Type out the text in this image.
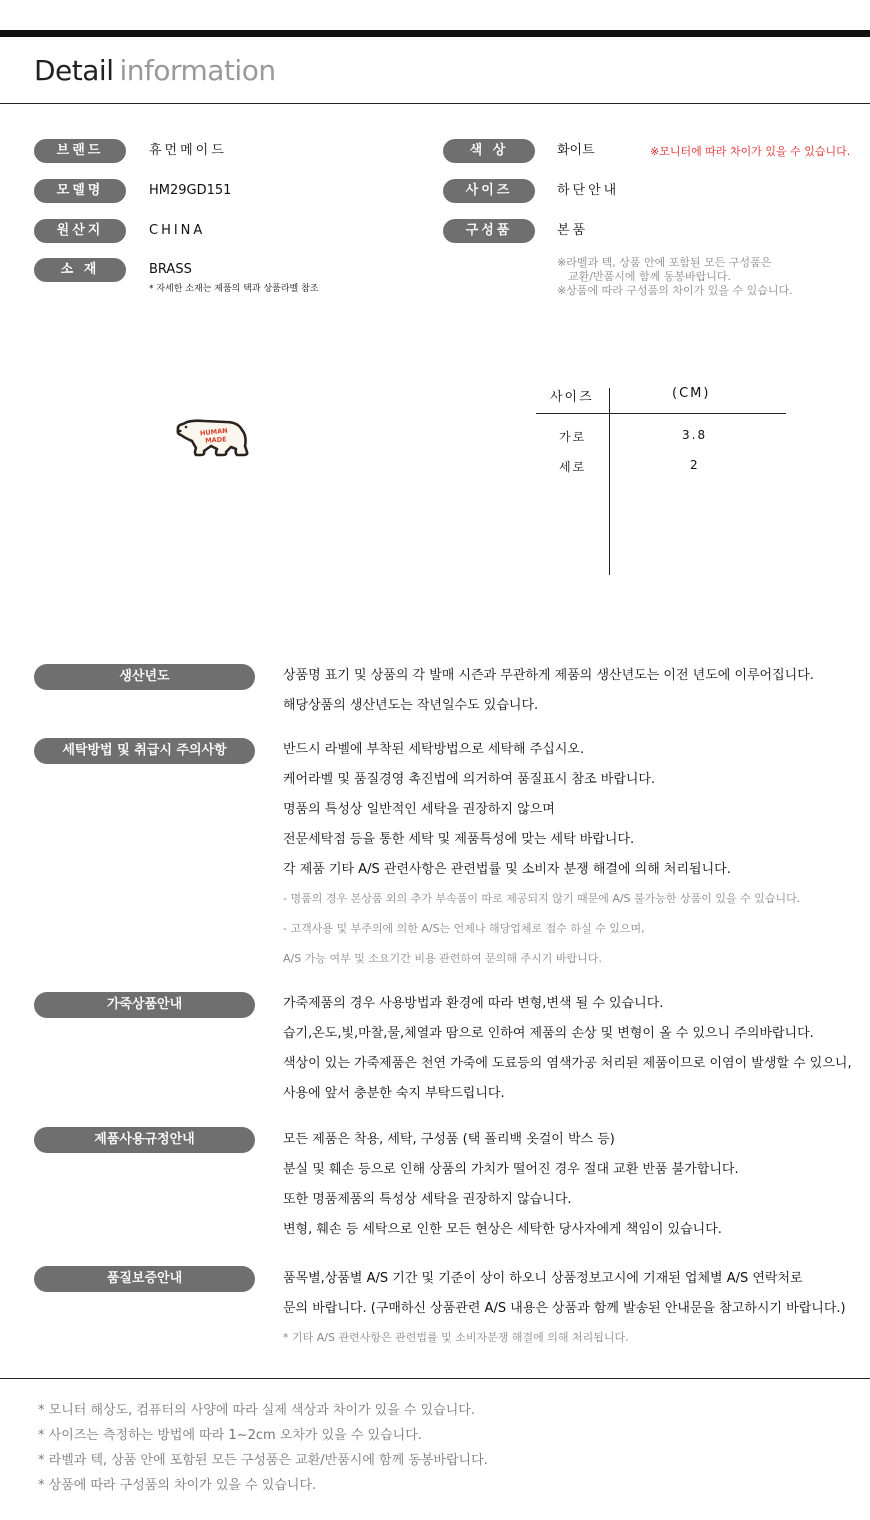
Detail information
브랜드	휴먼메이드
모델명	HM29GD151
원산지	CHINA
소 재	BRASS
* 자세한 소재는 제품의 택과 상품라벨 참조
색 상	화이트	※모니터에 따라 차이가 있을 수 있습니다.
사이즈	하단안내
구성품	본품
※라벨과 텍, 상품 안에 포함된 모든 구성품은
교환/반품시에 함께 동봉바랍니다.
※상품에 따라 구성품의 차이가 있을 수 있습니다.
HUMAN
MADE
사이즈	(CM)
가로	3.8
세로	2
생산년도	상품명 표기 및 상품의 각 발매 시즌과 무관하게 제품의 생산년도는 이전 년도에 이루어집니다.
해당상품의 생산년도는 작년일수도 있습니다.
세탁방법 및 취급시 주의사항	반드시 라벨에 부착된 세탁방법으로 세탁해 주십시오.
케어라벨 및 품질경영 촉진법에 의거하여 품질표시 참조 바랍니다.
명품의 특성상 일반적인 세탁을 권장하지 않으며
전문세탁점 등을 통한 세탁 및 제품특성에 맞는 세탁 바랍니다.
각 제품 기타 A/S 관련사항은 관련법률 및 소비자 분쟁 해결에 의해 처리됩니다.
- 명품의 경우 본상품 외의 추가 부속품이 따로 제공되지 않기 때문에 A/S 불가능한 상품이 있을 수 있습니다.
- 고객사용 및 부주의에 의한 A/S는 언제나 해당업체로 접수 하실 수 있으며,
A/S 가능 여부 및 소요기간 비용 관련하여 문의해 주시기 바랍니다.
가죽상품안내	가죽제품의 경우 사용방법과 환경에 따라 변형,변색 될 수 있습니다.
습기,온도,빛,마찰,물,체열과 땀으로 인하여 제품의 손상 및 변형이 올 수 있으니 주의바랍니다.
색상이 있는 가죽제품은 천연 가죽에 도료등의 염색가공 처리된 제품이므로 이염이 발생할 수 있으니,
사용에 앞서 충분한 숙지 부탁드립니다.
제품사용규정안내	모든 제품은 착용, 세탁, 구성품 (택 폴리백 옷걸이 박스 등)
분실 및 훼손 등으로 인해 상품의 가치가 떨어진 경우 절대 교환 반품 불가합니다.
또한 명품제품의 특성상 세탁을 권장하지 않습니다.
변형, 훼손 등 세탁으로 인한 모든 현상은 세탁한 당사자에게 책임이 있습니다.
품질보증안내	품목별,상품별 A/S 기간 및 기준이 상이 하오니 상품정보고시에 기재된 업체별 A/S 연락처로
문의 바랍니다. (구매하신 상품관련 A/S 내용은 상품과 함께 발송된 안내문을 참고하시기 바랍니다.)
* 기타 A/S 관련사항은 관련법률 및 소비자분쟁 해결에 의해 처리됩니다.
* 모니터 해상도, 컴퓨터의 사양에 따라 실제 색상과 차이가 있을 수 있습니다.
* 사이즈는 측정하는 방법에 따라 1~2cm 오차가 있을 수 있습니다.
* 라벨과 텍, 상품 안에 포함된 모든 구성품은 교환/반품시에 함께 동봉바랍니다.
* 상품에 따라 구성품의 차이가 있을 수 있습니다.
